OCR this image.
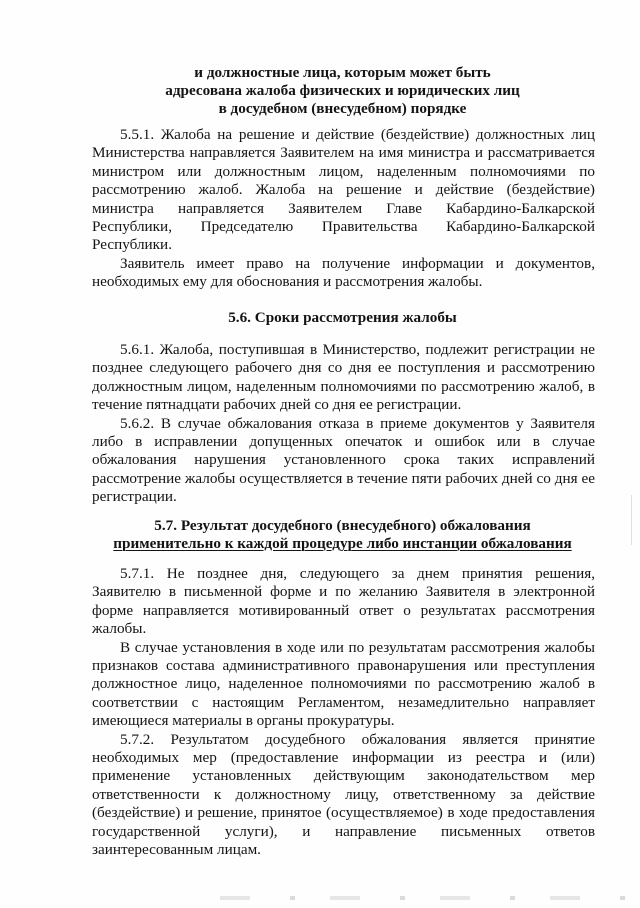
и должностные лица, которым может быть
адресована жалоба физических и юридических лиц
в досудебном (внесудебном) порядке

5.5.1. Жалоба на решение и действие (бездействие) должностных лиц Министерства направляется Заявителем на имя министра и рассматривается министром или должностным лицом, наделенным полномочиями по рассмотрению жалоб. Жалоба на решение и действие (бездействие) министра направляется Заявителем Главе Кабардино-Балкарской Республики, Председателю Правительства Кабардино-Балкарской Республики.

Заявитель имеет право на получение информации и документов, необходимых ему для обоснования и рассмотрения жалобы.

5.6. Сроки рассмотрения жалобы

5.6.1. Жалоба, поступившая в Министерство, подлежит регистрации не позднее следующего рабочего дня со дня ее поступления и рассмотрению должностным лицом, наделенным полномочиями по рассмотрению жалоб, в течение пятнадцати рабочих дней со дня ее регистрации.

5.6.2. В случае обжалования отказа в приеме документов у Заявителя либо в исправлении допущенных опечаток и ошибок или в случае обжалования нарушения установленного срока таких исправлений рассмотрение жалобы осуществляется в течение пяти рабочих дней со дня ее регистрации.

5.7. Результат досудебного (внесудебного) обжалования
применительно к каждой процедуре либо инстанции обжалования

5.7.1. Не позднее дня, следующего за днем принятия решения, Заявителю в письменной форме и по желанию Заявителя в электронной форме направляется мотивированный ответ о результатах рассмотрения жалобы.

В случае установления в ходе или по результатам рассмотрения жалобы признаков состава административного правонарушения или преступления должностное лицо, наделенное полномочиями по рассмотрению жалоб в соответствии с настоящим Регламентом, незамедлительно направляет имеющиеся материалы в органы прокуратуры.

5.7.2. Результатом досудебного обжалования является принятие необходимых мер (предоставление информации из реестра и (или) применение установленных действующим законодательством мер ответственности к должностному лицу, ответственному за действие (бездействие) и решение, принятое (осуществляемое) в ходе предоставления государственной услуги), и направление письменных ответов заинтересованным лицам.
